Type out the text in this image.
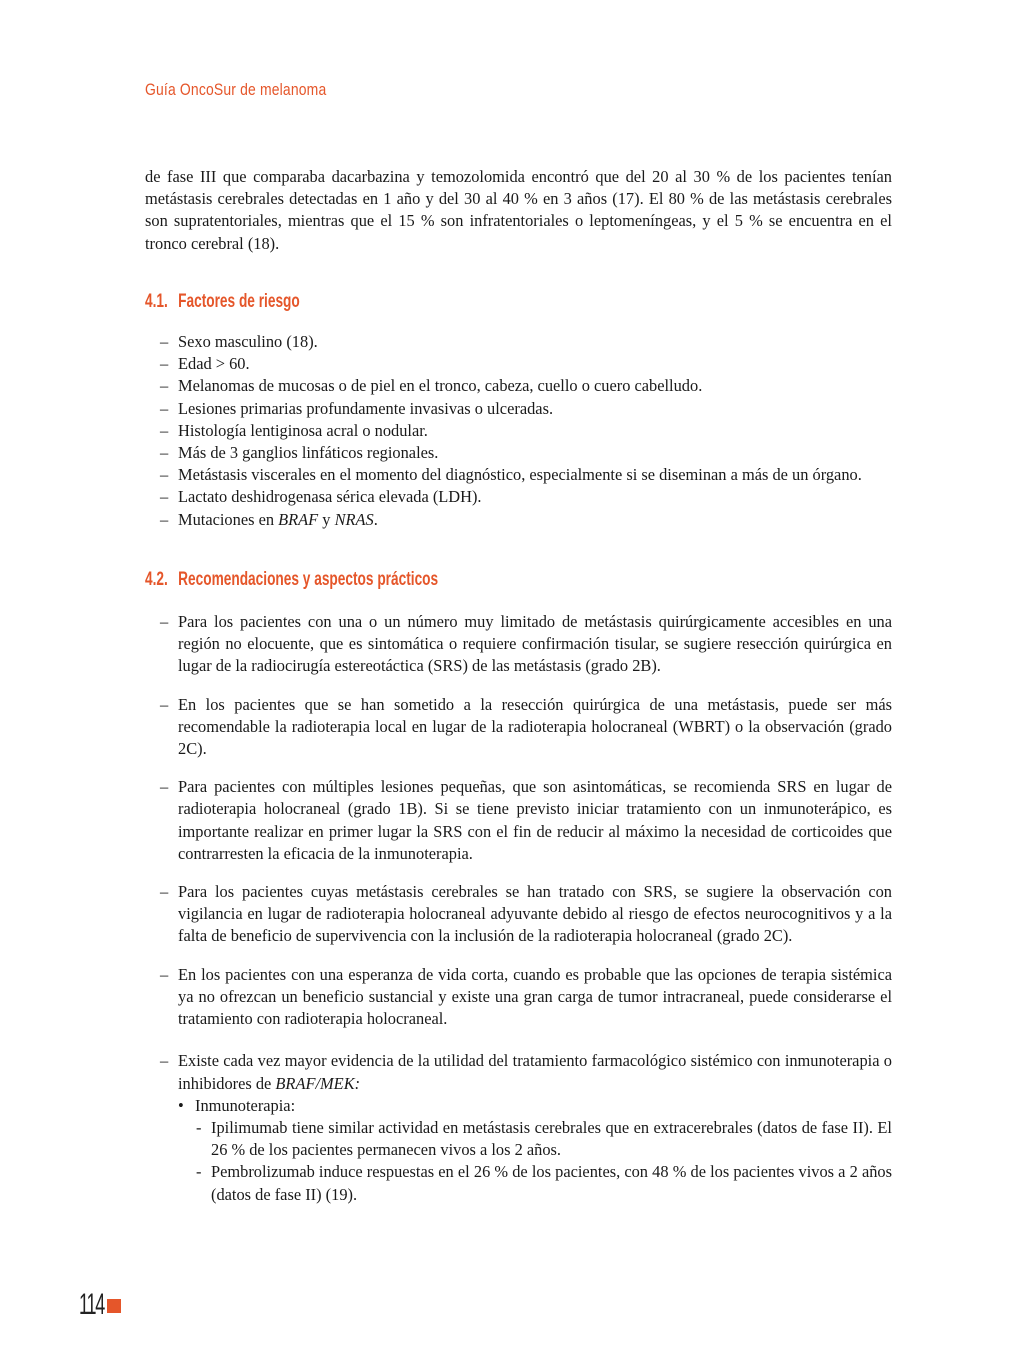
Guía OncoSur de melanoma

de fase III que comparaba dacarbazina y temozolomida encontró que del 20 al 30 % de los pacientes tenían metástasis cerebrales detectadas en 1 año y del 30 al 40 % en 3 años (17). El 80 % de las metástasis cerebrales son supratentoriales, mientras que el 15 % son infratentoriales o leptomeníngeas, y el 5 % se encuentra en el tronco cerebral (18).

4.1. Factores de riesgo
– Sexo masculino (18).
– Edad > 60.
– Melanomas de mucosas o de piel en el tronco, cabeza, cuello o cuero cabelludo.
– Lesiones primarias profundamente invasivas o ulceradas.
– Histología lentiginosa acral o nodular.
– Más de 3 ganglios linfáticos regionales.
– Metástasis viscerales en el momento del diagnóstico, especialmente si se diseminan a más de un órgano.
– Lactato deshidrogenasa sérica elevada (LDH).
– Mutaciones en BRAF y NRAS.
4.2. Recomendaciones y aspectos prácticos
– Para los pacientes con una o un número muy limitado de metástasis quirúrgicamente accesibles en una región no elocuente, que es sintomática o requiere confirmación tisular, se sugiere resección quirúrgica en lugar de la radiocirugía estereotáctica (SRS) de las metástasis (grado 2B).
– En los pacientes que se han sometido a la resección quirúrgica de una metástasis, puede ser más recomendable la radioterapia local en lugar de la radioterapia holocraneal (WBRT) o la observación (grado 2C).
– Para pacientes con múltiples lesiones pequeñas, que son asintomáticas, se recomienda SRS en lugar de radioterapia holocraneal (grado 1B). Si se tiene previsto iniciar tratamiento con un inmunoterápico, es importante realizar en primer lugar la SRS con el fin de reducir al máximo la necesidad de corticoides que contrarresten la eficacia de la inmunoterapia.
– Para los pacientes cuyas metástasis cerebrales se han tratado con SRS, se sugiere la observación con vigilancia en lugar de radioterapia holocraneal adyuvante debido al riesgo de efectos neurocognitivos y a la falta de beneficio de supervivencia con la inclusión de la radioterapia holocraneal (grado 2C).
– En los pacientes con una esperanza de vida corta, cuando es probable que las opciones de terapia sistémica ya no ofrezcan un beneficio sustancial y existe una gran carga de tumor intracraneal, puede considerarse el tratamiento con radioterapia holocraneal.
– Existe cada vez mayor evidencia de la utilidad del tratamiento farmacológico sistémico con inmunoterapia o inhibidores de BRAF/MEK:
• Inmunoterapia:
- Ipilimumab tiene similar actividad en metástasis cerebrales que en extracerebrales (datos de fase II). El 26 % de los pacientes permanecen vivos a los 2 años.
- Pembrolizumab induce respuestas en el 26 % de los pacientes, con 48 % de los pacientes vivos a 2 años (datos de fase II) (19).
114
